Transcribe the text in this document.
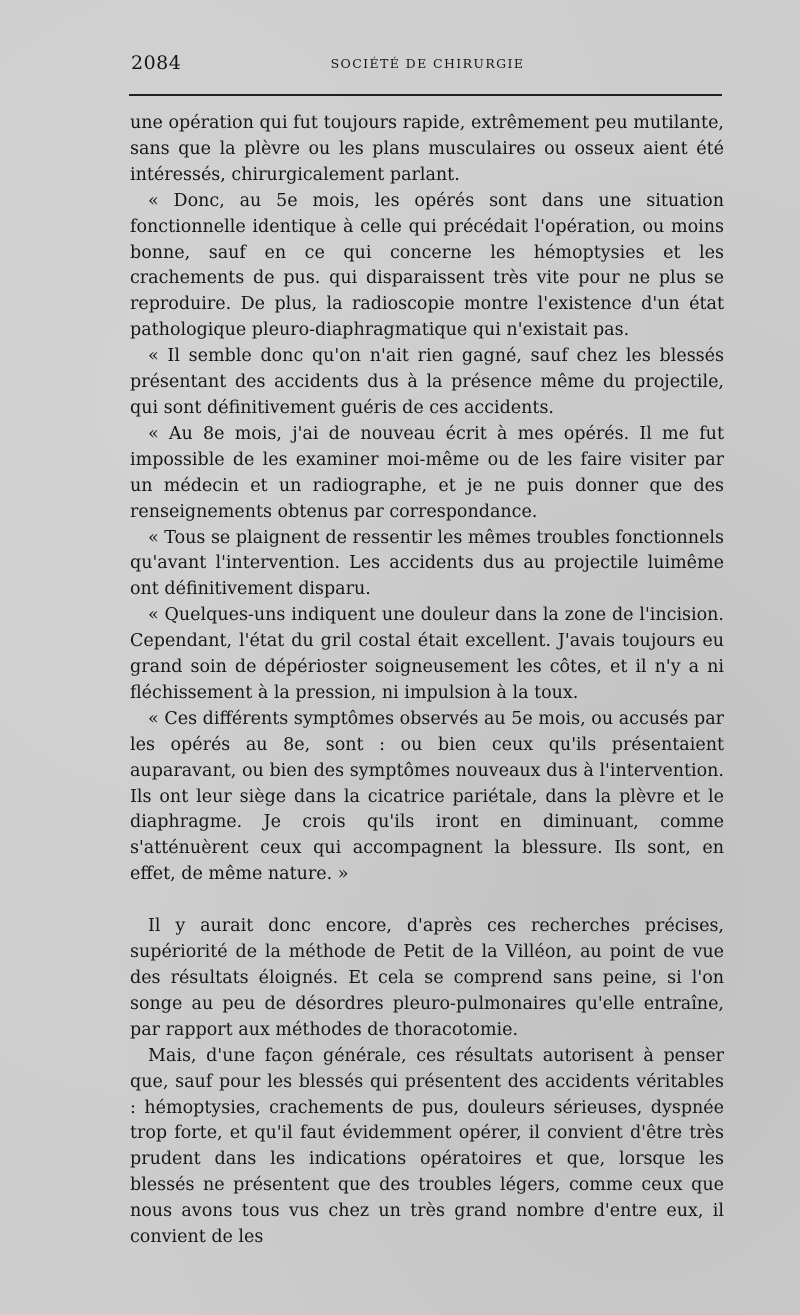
2084	SOCIÉTÉ DE CHIRURGIE

une opération qui fut toujours rapide, extrêmement peu mutilante, sans que la plèvre ou les plans musculaires ou osseux aient été intéressés, chirurgicalement parlant.

« Donc, au 5e mois, les opérés sont dans une situation fonctionnelle identique à celle qui précédait l'opération, ou moins bonne, sauf en ce qui concerne les hémoptysies et les crachements de pus. qui disparaissent très vite pour ne plus se reproduire. De plus, la radioscopie montre l'existence d'un état pathologique pleuro-diaphragmatique qui n'existait pas.

« Il semble donc qu'on n'ait rien gagné, sauf chez les blessés présentant des accidents dus à la présence même du projectile, qui sont définitivement guéris de ces accidents.

« Au 8e mois, j'ai de nouveau écrit à mes opérés. Il me fut impossible de les examiner moi-même ou de les faire visiter par un médecin et un radiographe, et je ne puis donner que des renseignements obtenus par correspondance.

« Tous se plaignent de ressentir les mêmes troubles fonctionnels qu'avant l'intervention. Les accidents dus au projectile luimême ont définitivement disparu.

« Quelques-uns indiquent une douleur dans la zone de l'incision. Cependant, l'état du gril costal était excellent. J'avais toujours eu grand soin de dépérioster soigneusement les côtes, et il n'y a ni fléchissement à la pression, ni impulsion à la toux.

« Ces différents symptômes observés au 5e mois, ou accusés par les opérés au 8e, sont : ou bien ceux qu'ils présentaient auparavant, ou bien des symptômes nouveaux dus à l'intervention. Ils ont leur siège dans la cicatrice pariétale, dans la plèvre et le diaphragme. Je crois qu'ils iront en diminuant, comme s'atténuèrent ceux qui accompagnent la blessure. Ils sont, en effet, de même nature. »

Il y aurait donc encore, d'après ces recherches précises, supériorité de la méthode de Petit de la Villéon, au point de vue des résultats éloignés. Et cela se comprend sans peine, si l'on songe au peu de désordres pleuro-pulmonaires qu'elle entraîne, par rapport aux méthodes de thoracotomie.

Mais, d'une façon générale, ces résultats autorisent à penser que, sauf pour les blessés qui présentent des accidents véritables : hémoptysies, crachements de pus, douleurs sérieuses, dyspnée trop forte, et qu'il faut évidemment opérer, il convient d'être très prudent dans les indications opératoires et que, lorsque les blessés ne présentent que des troubles légers, comme ceux que nous avons tous vus chez un très grand nombre d'entre eux, il convient de les
